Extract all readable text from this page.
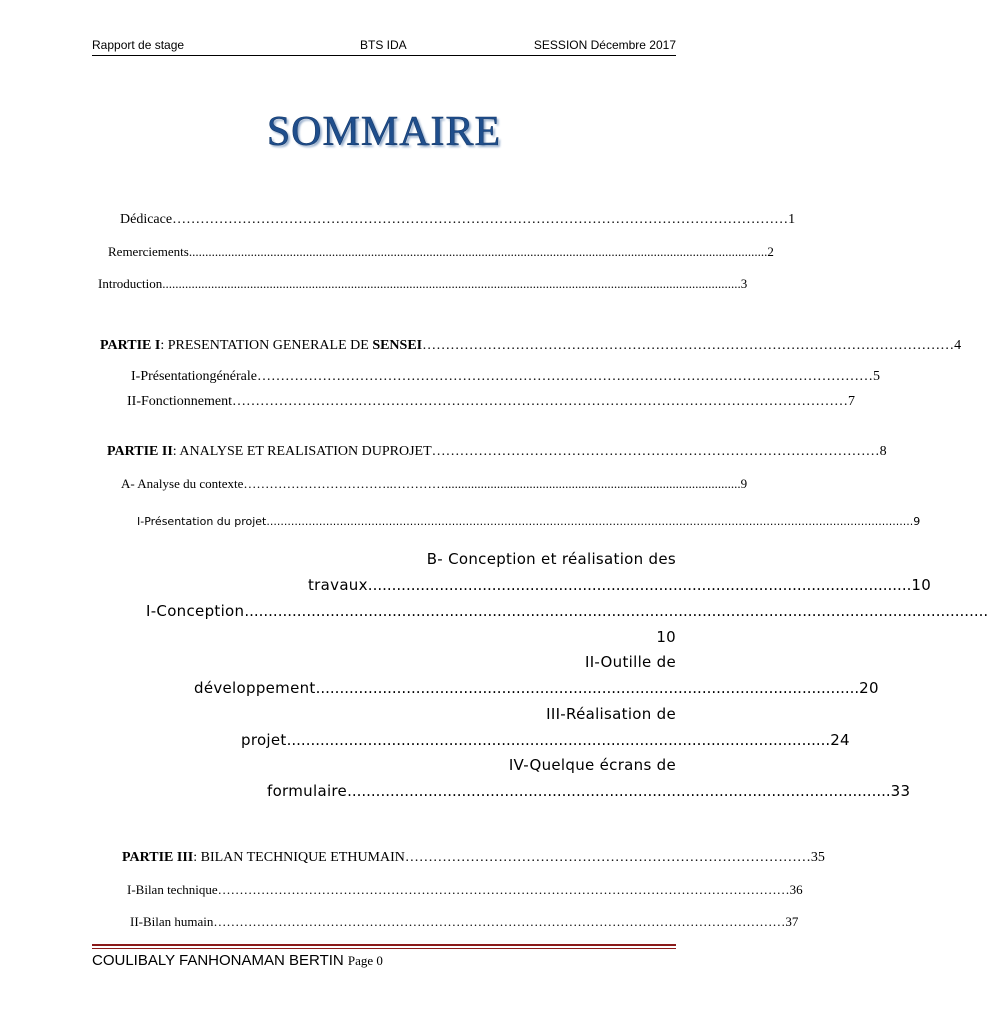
Rapport de stage	BTS IDA	SESSION Décembre 2017
SOMMAIRE
Dédicace …………………………………………………………………………………………………………………… 1
Remerciements .................................................................................................................................................................................. 2
Introduction .................................................................................................................................................................................. 3
PARTIE I: PRESENTATION GENERALE DE SENSEI …………………………………………………………………………………………………… 4
I-Présentationgénérale …………………………………………………………………………………………………………………… 5
II-Fonctionnement …………………………………………………………………………………………………………………… 7
PARTIE II: ANALYSE ET REALISATION DUPROJET …………………………………………………………………………………… 8
A- Analyse du contexte ……………………………..…………........................................................................................... 9
I-Présentation du projet ......................................................................................................................................................................................... 9
B- Conception et réalisation des
travaux .................................................................................................................. 10
I-Conception ............................................................................................................................................................
10
II-Outille de
développement .................................................................................................................. 20
III-Réalisation de
projet .................................................................................................................. 24
IV-Quelque écrans de
formulaire .................................................................................................................. 33
PARTIE III: BILAN TECHNIQUE ETHUMAIN …………………………………………………………………………… 35
I-Bilan technique …………………………………………………………………………………………………………………… 36
II-Bilan humain …………………………………………………………………………………………………………………… 37
COULIBALY FANHONAMAN BERTIN Page 0
